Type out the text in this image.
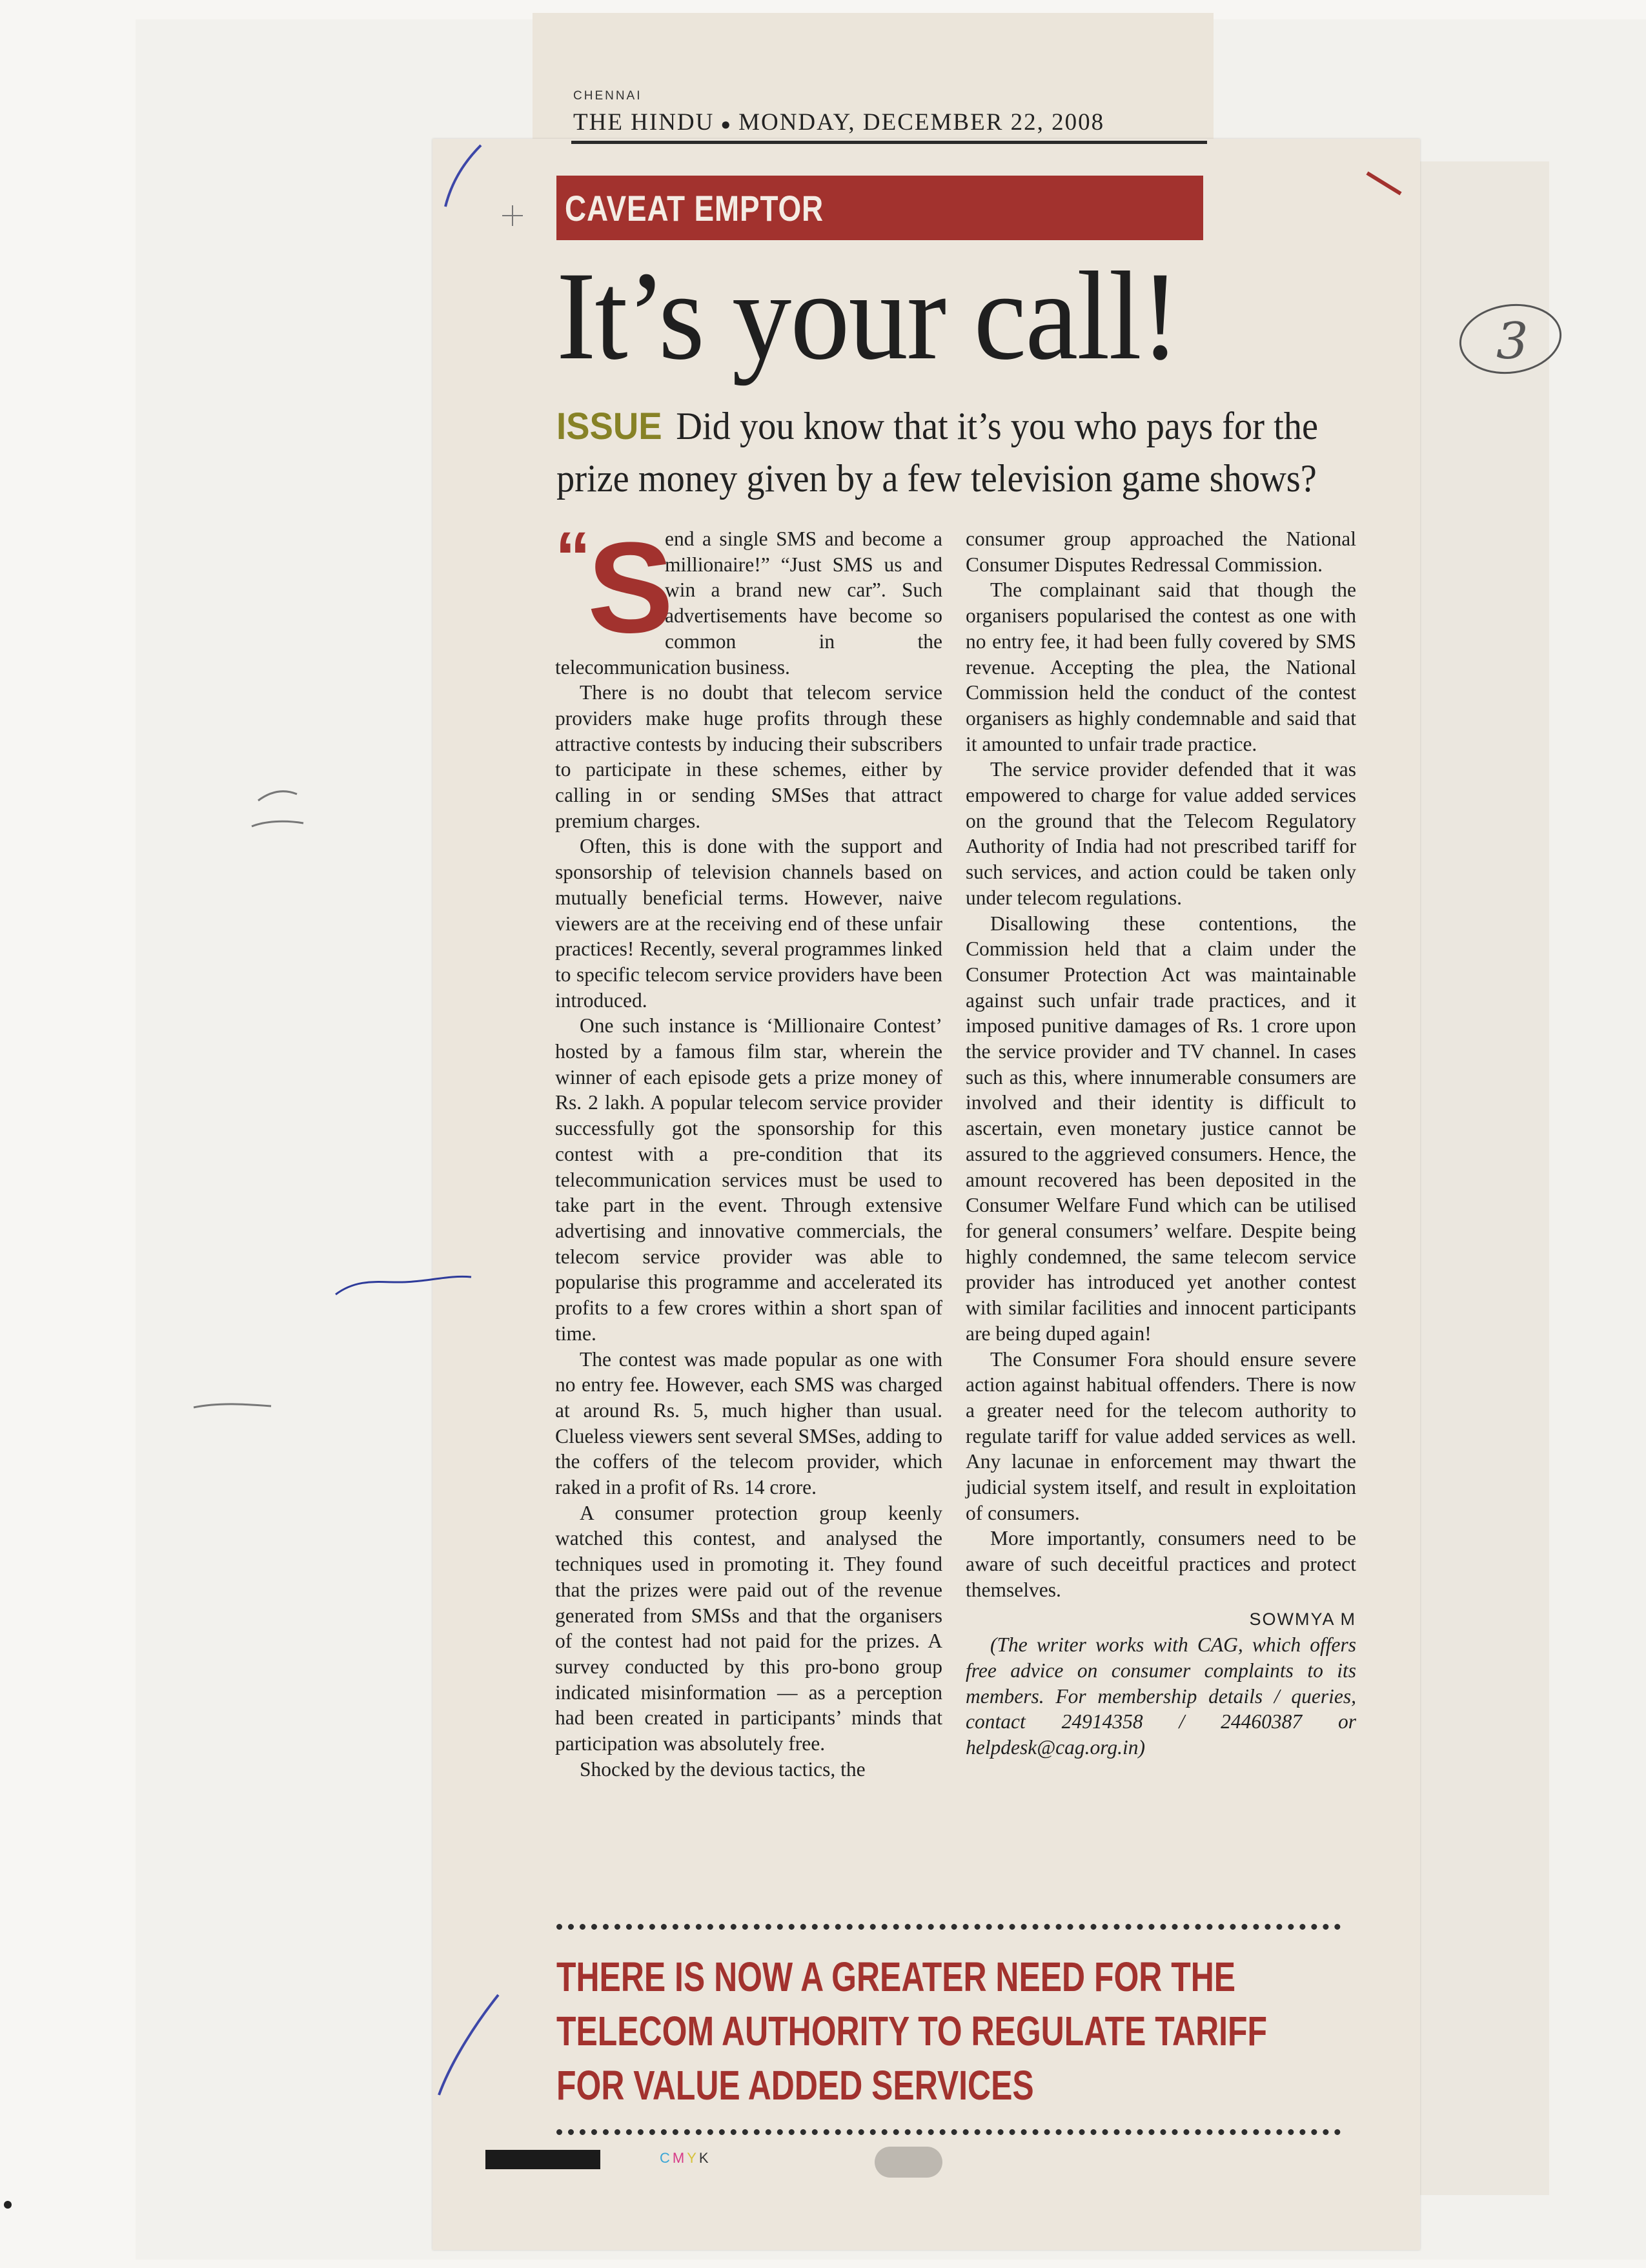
CHENNAI
THE HINDU ● MONDAY, DECEMBER 22, 2008
CAVEAT EMPTOR
It’s your call!
ISSUE Did you know that it’s you who pays for the prize money given by a few television game shows?
“
S

end a single SMS and become a millionaire!” “Just SMS us and win a brand new car”. Such advertisements have become so common in the telecommunication business.

There is no doubt that telecom service providers make huge profits through these attractive contests by inducing their subscribers to participate in these schemes, either by calling in or sending SMSes that attract premium charges.

Often, this is done with the support and sponsorship of television channels based on mutually beneficial terms. However, naive viewers are at the receiving end of these unfair practices! Recently, several programmes linked to specific telecom service providers have been introduced.

One such instance is ‘Millionaire Contest’ hosted by a famous film star, wherein the winner of each episode gets a prize money of Rs. 2 lakh. A popular telecom service provider successfully got the sponsorship for this contest with a pre-condition that its telecommunication services must be used to take part in the event. Through extensive advertising and innovative commercials, the telecom service provider was able to popularise this programme and accelerated its profits to a few crores within a short span of time.

The contest was made popular as one with no entry fee. However, each SMS was charged at around Rs. 5, much higher than usual. Clueless viewers sent several SMSes, adding to the coffers of the telecom provider, which raked in a profit of Rs. 14 crore.

A consumer protection group keenly watched this contest, and analysed the techniques used in promoting it. They found that the prizes were paid out of the revenue generated from SMSs and that the organisers of the contest had not paid for the prizes. A survey conducted by this pro-bono group indicated misinformation — as a perception had been created in participants’ minds that participation was absolutely free.

Shocked by the devious tactics, the

consumer group approached the National Consumer Disputes Redressal Commission.

The complainant said that though the organisers popularised the contest as one with no entry fee, it had been fully covered by SMS revenue. Accepting the plea, the National Commission held the conduct of the contest organisers as highly condemnable and said that it amounted to unfair trade practice.

The service provider defended that it was empowered to charge for value added services on the ground that the Telecom Regulatory Authority of India had not prescribed tariff for such services, and action could be taken only under telecom regulations.

Disallowing these contentions, the Commission held that a claim under the Consumer Protection Act was maintainable against such unfair trade practices, and it imposed punitive damages of Rs. 1 crore upon the service provider and TV channel. In cases such as this, where innumerable consumers are involved and their identity is difficult to ascertain, even monetary justice cannot be assured to the aggrieved consumers. Hence, the amount recovered has been deposited in the Consumer Welfare Fund which can be utilised for general consumers’ welfare. Despite being highly condemned, the same telecom service provider has introduced yet another contest with similar facilities and innocent participants are being duped again!

The Consumer Fora should ensure severe action against habitual offenders. There is now a greater need for the telecom authority to regulate tariff for value added services as well. Any lacunae in enforcement may thwart the judicial system itself, and result in exploitation of consumers.

More importantly, consumers need to be aware of such deceitful practices and protect themselves.

SOWMYA M

(The writer works with CAG, which offers free advice on consumer complaints to its members. For membership details / queries, contact 24914358 / 24460387 or helpdesk@cag.org.in)

THERE IS NOW A GREATER NEED FOR THE
TELECOM AUTHORITY TO REGULATE TARIFF
FOR VALUE ADDED SERVICES
CMYK
3
